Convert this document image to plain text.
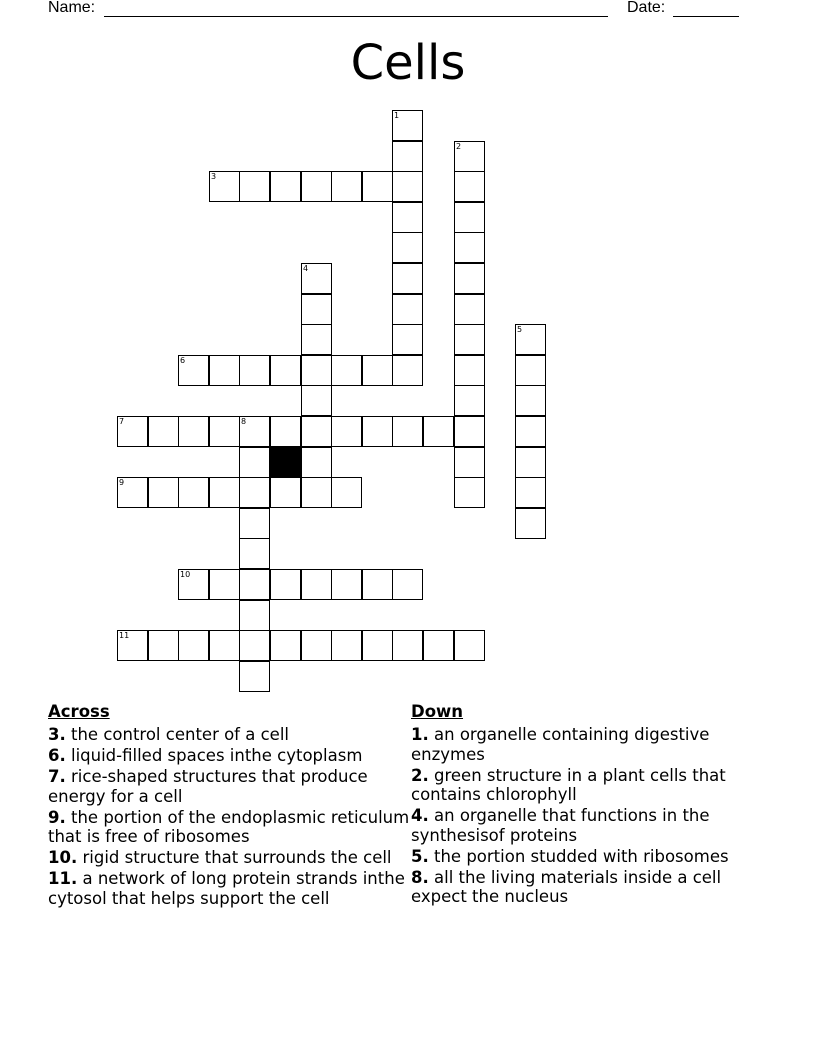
Name:	Date:
Cells
1
2
3
4
5
6
7	8
9
10
11
Across
3. the control center of a cell
6. liquid-filled spaces inthe cytoplasm
7. rice-shaped structures that produce energy for a cell
9. the portion of the endoplasmic reticulum that is free of ribosomes
10. rigid structure that surrounds the cell
11. a network of long protein strands inthe cytosol that helps support the cell
Down
1. an organelle containing digestive enzymes
2. green structure in a plant cells that contains chlorophyll
4. an organelle that functions in the synthesisof proteins
5. the portion studded with ribosomes
8. all the living materials inside a cell expect the nucleus
